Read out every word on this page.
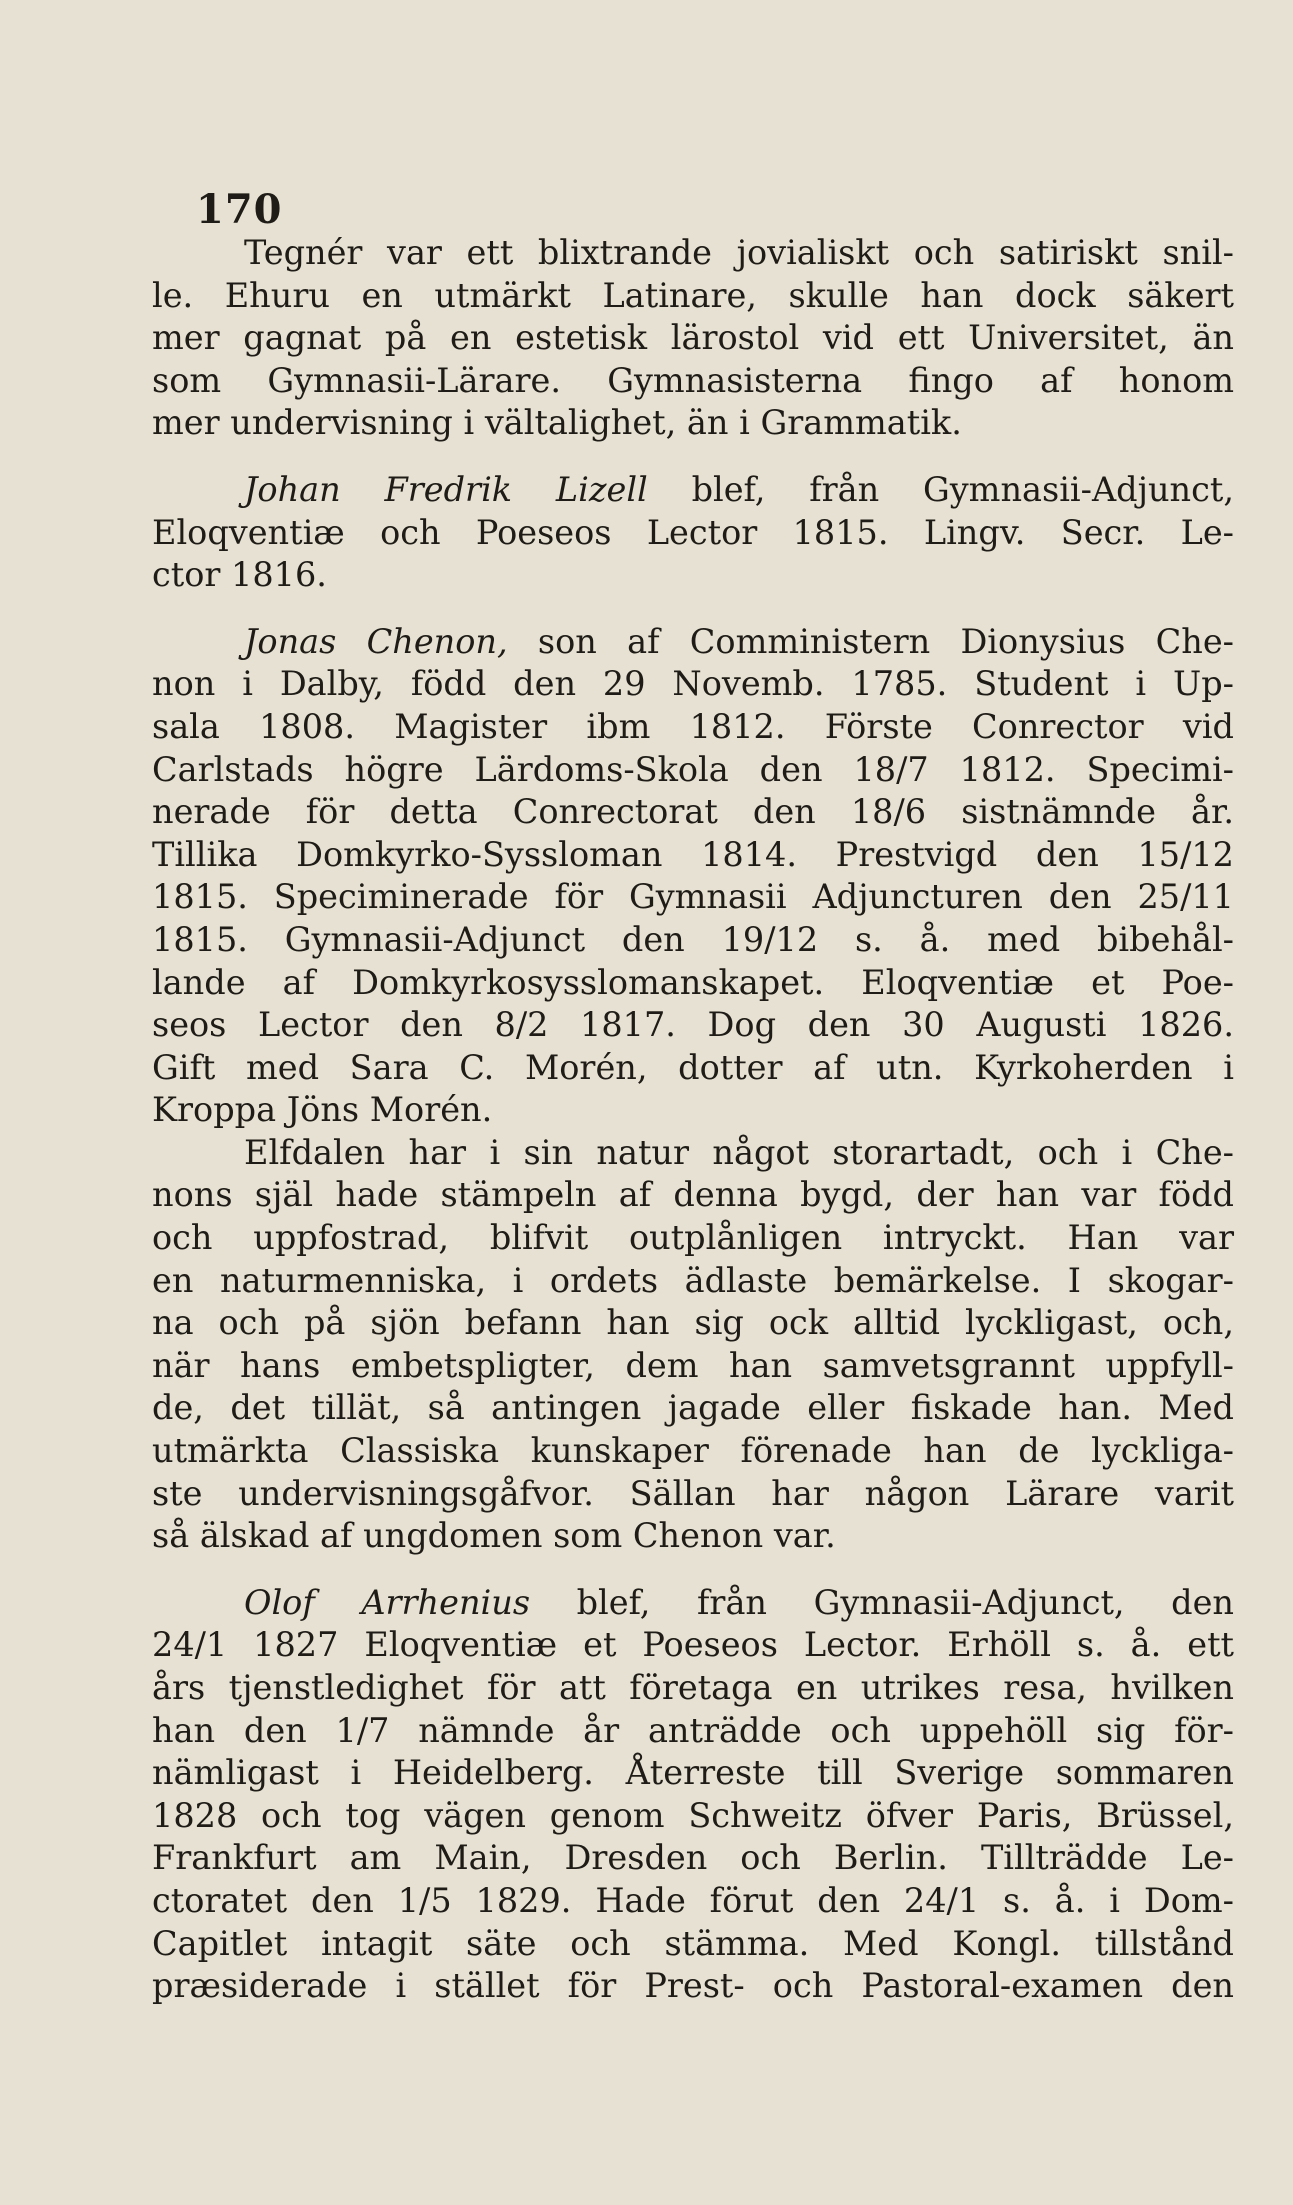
170
Tegnér var ett blixtrande jovialiskt och satiriskt snil-
le. Ehuru en utmärkt Latinare, skulle han dock säkert
mer gagnat på en estetisk lärostol vid ett Universitet, än
som Gymnasii-Lärare. Gymnasisterna fingo af honom
mer undervisning i vältalighet, än i Grammatik.
Johan Fredrik Lizell blef, från Gymnasii-Adjunct,
Eloqventiæ och Poeseos Lector 1815. Lingv. Secr. Le-
ctor 1816.
Jonas Chenon, son af Comministern Dionysius Che-
non i Dalby, född den 29 Novemb. 1785. Student i Up-
sala 1808. Magister ibm 1812. Förste Conrector vid
Carlstads högre Lärdoms-Skola den 18/7 1812. Specimi-
nerade för detta Conrectorat den 18/6 sistnämnde år.
Tillika Domkyrko-Syssloman 1814. Prestvigd den 15/12
1815. Speciminerade för Gymnasii Adjuncturen den 25/11
1815. Gymnasii-Adjunct den 19/12 s. å. med bibehål-
lande af Domkyrkosysslomanskapet. Eloqventiæ et Poe-
seos Lector den 8/2 1817. Dog den 30 Augusti 1826.
Gift med Sara C. Morén, dotter af utn. Kyrkoherden i
Kroppa Jöns Morén.
Elfdalen har i sin natur något storartadt, och i Che-
nons själ hade stämpeln af denna bygd, der han var född
och uppfostrad, blifvit outplånligen intryckt. Han var
en naturmenniska, i ordets ädlaste bemärkelse. I skogar-
na och på sjön befann han sig ock alltid lyckligast, och,
när hans embetspligter, dem han samvetsgrannt uppfyll-
de, det tillät, så antingen jagade eller fiskade han. Med
utmärkta Classiska kunskaper förenade han de lyckliga-
ste undervisningsgåfvor. Sällan har någon Lärare varit
så älskad af ungdomen som Chenon var.
Olof Arrhenius blef, från Gymnasii-Adjunct, den
24/1 1827 Eloqventiæ et Poeseos Lector. Erhöll s. å. ett
års tjenstledighet för att företaga en utrikes resa, hvilken
han den 1/7 nämnde år anträdde och uppehöll sig för-
nämligast i Heidelberg. Återreste till Sverige sommaren
1828 och tog vägen genom Schweitz öfver Paris, Brüssel,
Frankfurt am Main, Dresden och Berlin. Tillträdde Le-
ctoratet den 1/5 1829. Hade förut den 24/1 s. å. i Dom-
Capitlet intagit säte och stämma. Med Kongl. tillstånd
præsiderade i stället för Prest- och Pastoral-examen den
